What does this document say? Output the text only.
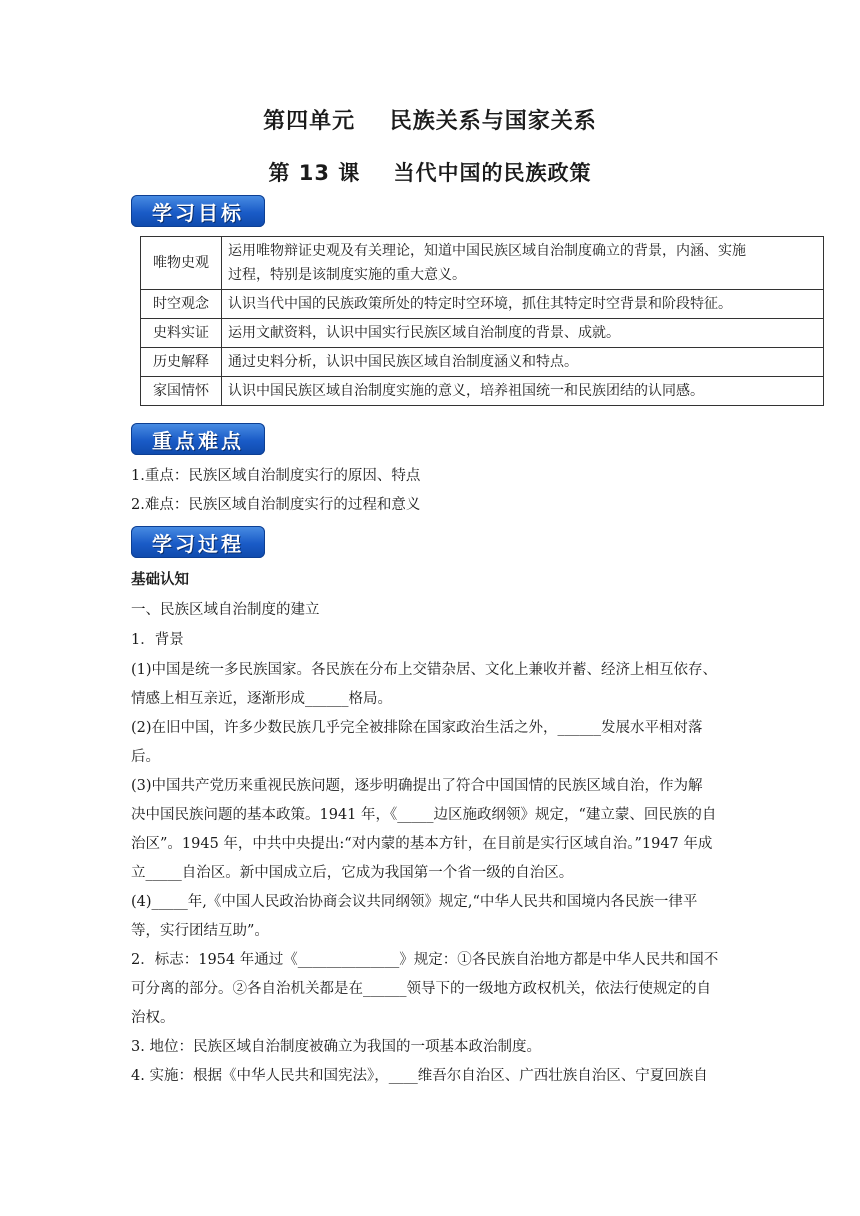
第四单元    民族关系与国家关系
第 13 课    当代中国的民族政策
学习目标
唯物史观	运用唯物辩证史观及有关理论，知道中国民族区域自治制度确立的背景，内涵、实施
过程，特别是该制度实施的重大意义。

时空观念	认识当代中国的民族政策所处的特定时空环境，抓住其特定时空背景和阶段特征。
史料实证	运用文献资料，认识中国实行民族区域自治制度的背景、成就。
历史解释	通过史料分析，认识中国民族区域自治制度涵义和特点。
家国情怀	认识中国民族区域自治制度实施的意义，培养祖国统一和民族团结的认同感。
重点难点
1.重点：民族区域自治制度实行的原因、特点
2.难点：民族区域自治制度实行的过程和意义
学习过程
基础认知
一、民族区域自治制度的建立
1．背景
(1)中国是统一多民族国家。各民族在分布上交错杂居、文化上兼收并蓄、经济上相互依存、
情感上相互亲近，逐渐形成______格局。
(2)在旧中国，许多少数民族几乎完全被排除在国家政治生活之外，______发展水平相对落
后。
(3)中国共产党历来重视民族问题，逐步明确提出了符合中国国情的民族区域自治，作为解
决中国民族问题的基本政策。1941 年，《_____边区施政纲领》规定，“建立蒙、回民族的自
治区”。1945 年，中共中央提出:“对内蒙的基本方针，在目前是实行区域自治。”1947 年成
立_____自治区。新中国成立后，它成为我国第一个省一级的自治区。
(4)_____年,《中国人民政治协商会议共同纲领》规定,“中华人民共和国境内各民族一律平
等，实行团结互助”。
2．标志：1954 年通过《______________》规定：①各民族自治地方都是中华人民共和国不
可分离的部分。②各自治机关都是在______领导下的一级地方政权机关，依法行使规定的自
治权。
3. 地位：民族区域自治制度被确立为我国的一项基本政治制度。
4. 实施：根据《中华人民共和国宪法》，____维吾尔自治区、广西壮族自治区、宁夏回族自
